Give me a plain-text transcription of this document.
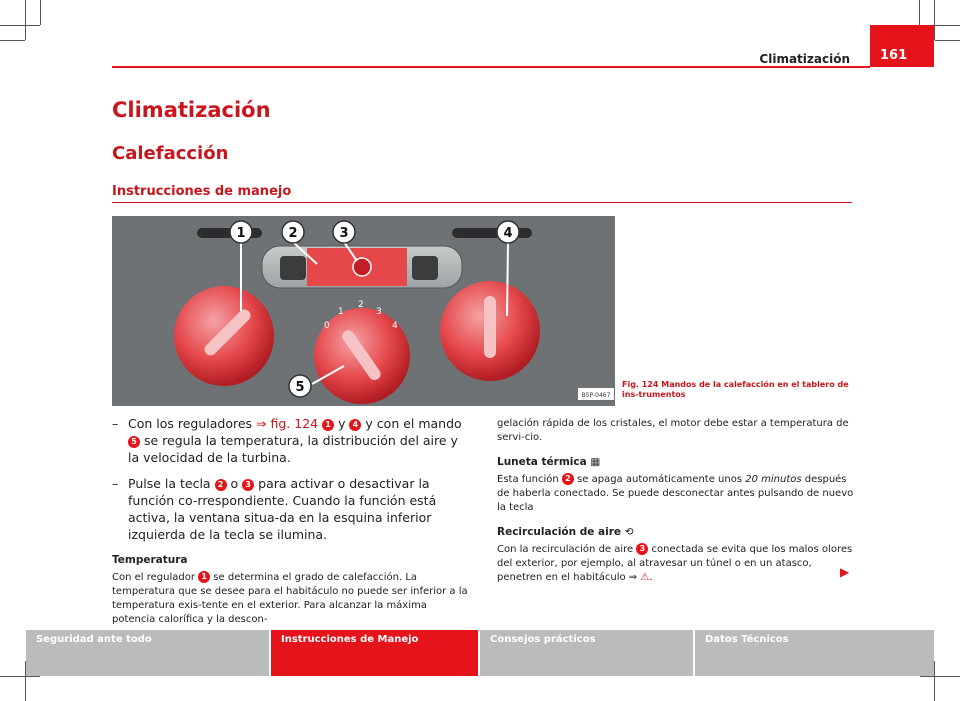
Climatización	161
Climatización
Calefacción
Instrucciones de manejo
0
1
2
3
4
1	2	3	4
5
B5P-0467
Fig. 124 Mandos de la calefacción en el tablero de ins-trumentos
– Con los reguladores ⇒ fig. 124 1 y 4 y con el mando 5 se regula la temperatura, la distribución del aire y la velocidad de la turbina.
– Pulse la tecla 2 o 3 para activar o desactivar la función co-rrespondiente. Cuando la función está activa, la ventana situa-da en la esquina inferior izquierda de la tecla se ilumina.
Temperatura
Con el regulador 1 se determina el grado de calefacción. La temperatura que se desee para el habitáculo no puede ser inferior a la temperatura exis-tente en el exterior. Para alcanzar la máxima potencia calorífica y la descon-

gelación rápida de los cristales, el motor debe estar a temperatura de servi-cio.

Luneta térmica ▦

Esta función 2 se apaga automáticamente unos 20 minutos después de haberla conectado. Se puede desconectar antes pulsando de nuevo la tecla

Recirculación de aire ⟲

Con la recirculación de aire 3 conectada se evita que los malos olores del exterior, por ejemplo, al atravesar un túnel o en un atasco, penetren en el habitáculo ⇒ ⚠.	▶
Seguridad ante todo	Instrucciones de Manejo	Consejos prácticos	Datos Técnicos
